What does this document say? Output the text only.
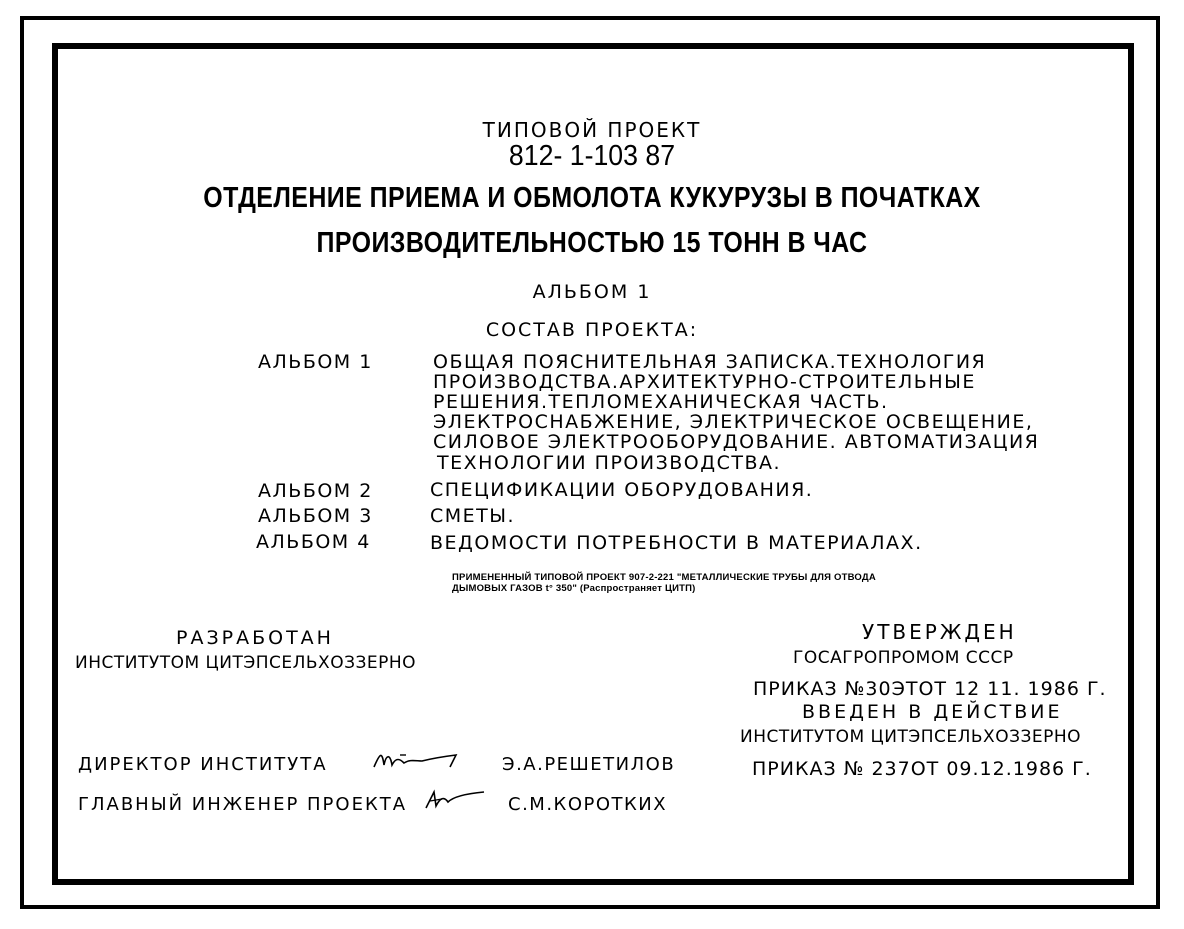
ТИПОВОЙ ПРОЕКТ
812- 1-103 87
ОТДЕЛЕНИЕ ПРИЕМА И ОБМОЛОТА КУКУРУЗЫ В ПОЧАТКАХ
ПРОИЗВОДИТЕЛЬНОСТЬЮ 15 ТОНН В ЧАС
АЛЬБОМ 1
СОСТАВ ПРОЕКТА:
АЛЬБОМ 1	ОБЩАЯ ПОЯСНИТЕЛЬНАЯ ЗАПИСКА.ТЕХНОЛОГИЯ
ПРОИЗВОДСТВА.АРХИТЕКТУРНО-СТРОИТЕЛЬНЫЕ
РЕШЕНИЯ.ТЕПЛОМЕХАНИЧЕСКАЯ ЧАСТЬ.
ЭЛЕКТРОСНАБЖЕНИЕ, ЭЛЕКТРИЧЕСКОЕ ОСВЕЩЕНИЕ,
СИЛОВОЕ ЭЛЕКТРООБОРУДОВАНИЕ. АВТОМАТИЗАЦИЯ
ТЕХНОЛОГИИ ПРОИЗВОДСТВА.
АЛЬБОМ 2	СПЕЦИФИКАЦИИ ОБОРУДОВАНИЯ.
АЛЬБОМ 3	СМЕТЫ.
АЛЬБОМ 4	ВЕДОМОСТИ ПОТРЕБНОСТИ В МАТЕРИАЛАХ.
ПРИМЕНЕННЫЙ ТИПОВОЙ ПРОЕКТ 907-2-221 "МЕТАЛЛИЧЕСКИЕ ТРУБЫ ДЛЯ ОТВОДА
ДЫМОВЫХ ГАЗОВ t° 350" (Распространяет ЦИТП)
РАЗРАБОТАН
ИНСТИТУТОМ ЦИТЭПСЕЛЬХОЗЗЕРНО
УТВЕРЖДЕН
ГОСАГРОПРОМОМ СССР
ПРИКАЗ №30ЭТОТ 12 11. 1986 Г.
ВВЕДЕН В ДЕЙСТВИЕ
ИНСТИТУТОМ ЦИТЭПСЕЛЬХОЗЗЕРНО
ПРИКАЗ № 237ОТ 09.12.1986 Г.
ДИРЕКТОР ИНСТИТУТА	Э.А.РЕШЕТИЛОВ
ГЛАВНЫЙ ИНЖЕНЕР ПРОЕКТА	С.М.КОРОТКИХ
